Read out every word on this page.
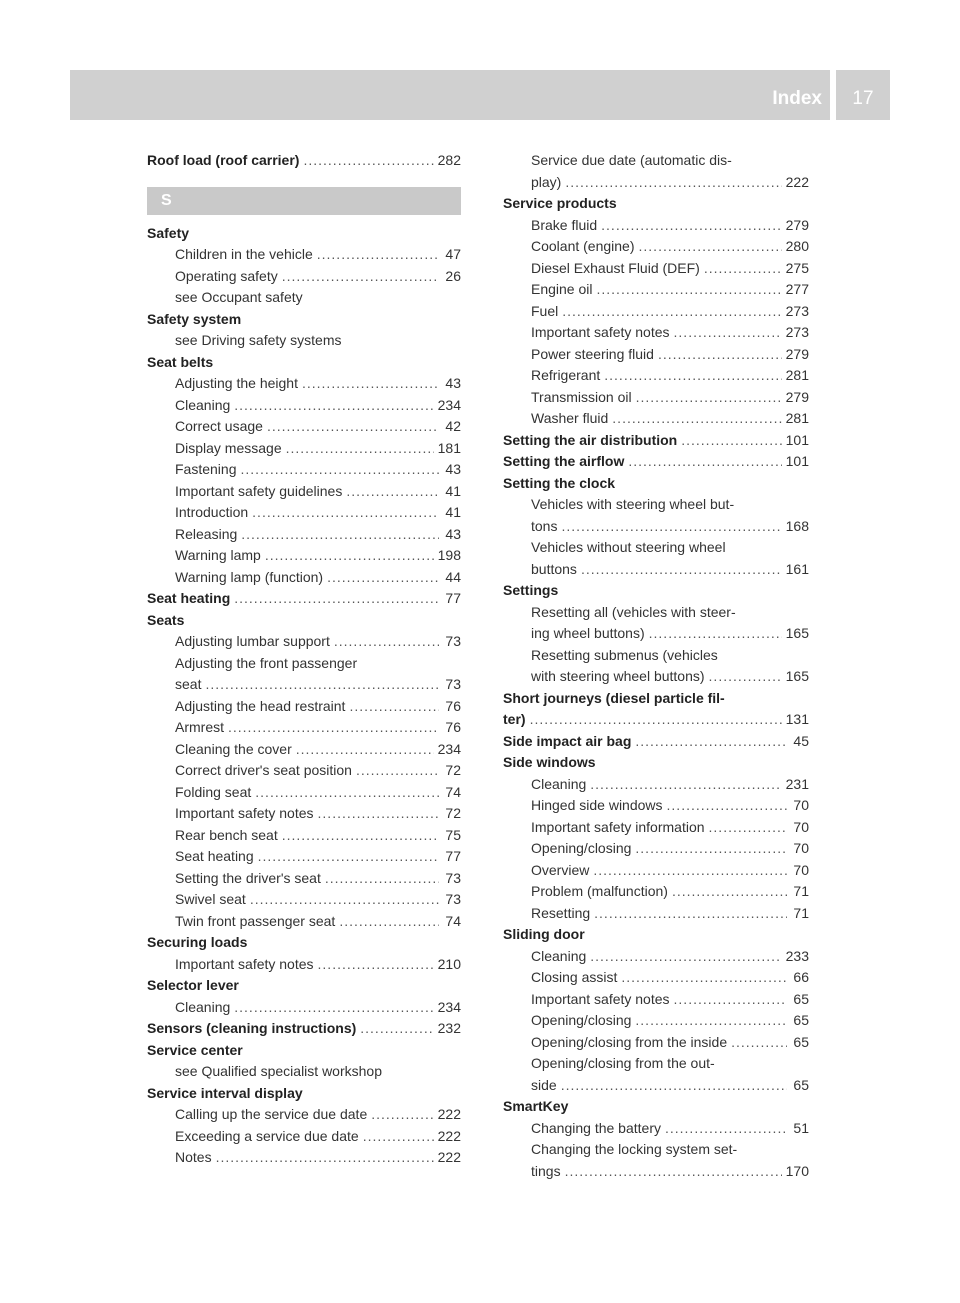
Index	17
Roof load (roof carrier) .....	282
S
Safety
Children in the vehicle .....	47
Operating safety .....	26
see Occupant safety
Safety system
see Driving safety systems
Seat belts
Adjusting the height .....	43
Cleaning .....	234
Correct usage .....	42
Display message .....	181
Fastening .....	43
Important safety guidelines .....	41
Introduction .....	41
Releasing .....	43
Warning lamp .....	198
Warning lamp (function) .....	44
Seat heating .....	77
Seats
Adjusting lumbar support .....	73
Adjusting the front passenger
seat .....	73
Adjusting the head restraint .....	76
Armrest .....	76
Cleaning the cover .....	234
Correct driver's seat position .....	72
Folding seat .....	74
Important safety notes .....	72
Rear bench seat .....	75
Seat heating .....	77
Setting the driver's seat .....	73
Swivel seat .....	73
Twin front passenger seat .....	74
Securing loads
Important safety notes .....	210
Selector lever
Cleaning .....	234
Sensors (cleaning instructions) .....	232
Service center
see Qualified specialist workshop
Service interval display
Calling up the service due date .....	222
Exceeding a service due date .....	222
Notes .....	222
Service due date (automatic dis-
play) .....	222
Service products
Brake fluid .....	279
Coolant (engine) .....	280
Diesel Exhaust Fluid (DEF) .....	275
Engine oil .....	277
Fuel .....	273
Important safety notes .....	273
Power steering fluid .....	279
Refrigerant .....	281
Transmission oil .....	279
Washer fluid .....	281
Setting the air distribution .....	101
Setting the airflow .....	101
Setting the clock
Vehicles with steering wheel but-
tons .....	168
Vehicles without steering wheel
buttons .....	161
Settings
Resetting all (vehicles with steer-
ing wheel buttons) .....	165
Resetting submenus (vehicles
with steering wheel buttons) .....	165
Short journeys (diesel particle fil-
ter) .....	131
Side impact air bag .....	45
Side windows
Cleaning .....	231
Hinged side windows .....	70
Important safety information .....	70
Opening/closing .....	70
Overview .....	70
Problem (malfunction) .....	71
Resetting .....	71
Sliding door
Cleaning .....	233
Closing assist .....	66
Important safety notes .....	65
Opening/closing .....	65
Opening/closing from the inside .....	65
Opening/closing from the out-
side .....	65
SmartKey
Changing the battery .....	51
Changing the locking system set-
tings .....	170
